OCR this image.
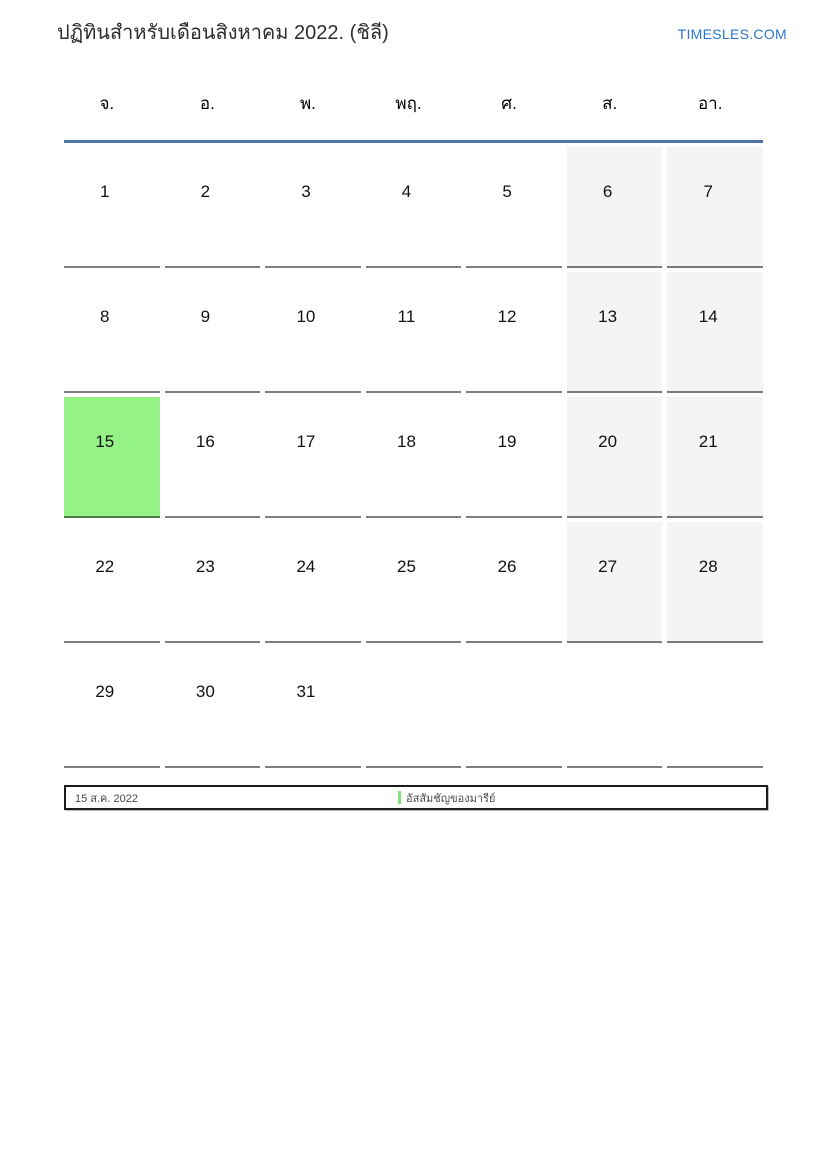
ปฏิทินสำหรับเดือนสิงหาคม 2022. (ชิลี)	TIMESLES.COM
จ.	อ.	พ.	พฤ.	ศ.	ส.	อา.
1	2	3	4	5	6	7
8	9	10	11	12	13	14
15	16	17	18	19	20	21
22	23	24	25	26	27	28
29	30	31
15 ส.ค. 2022	อัสสัมชัญของมารีย์
